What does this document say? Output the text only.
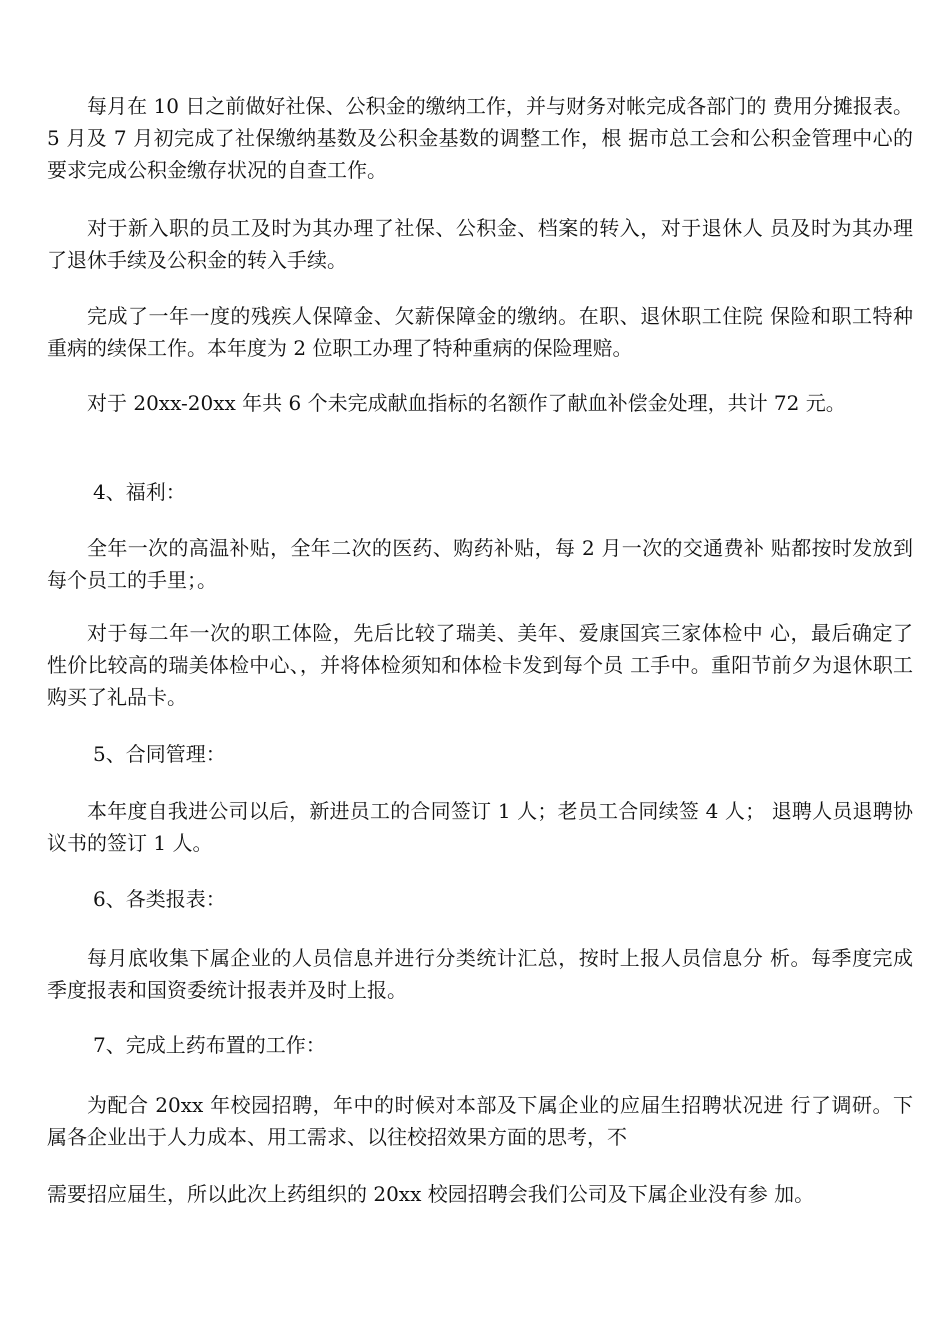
每月在 10 日之前做好社保、公积金的缴纳工作，并与财务对帐完成各部门的 费用分摊报表。5 月及 7 月初完成了社保缴纳基数及公积金基数的调整工作，根 据市总工会和公积金管理中心的要求完成公积金缴存状况的自查工作。

对于新入职的员工及时为其办理了社保、公积金、档案的转入，对于退休人 员及时为其办理了退休手续及公积金的转入手续。

完成了一年一度的残疾人保障金、欠薪保障金的缴纳。在职、退休职工住院 保险和职工特种重病的续保工作。本年度为 2 位职工办理了特种重病的保险理赔。

对于 20xx-20xx 年共 6 个未完成献血指标的名额作了献血补偿金处理，共计 72 元。

4、福利：

全年一次的高温补贴，全年二次的医药、购药补贴，每 2 月一次的交通费补 贴都按时发放到每个员工的手里；。

对于每二年一次的职工体险，先后比较了瑞美、美年、爱康国宾三家体检中 心，最后确定了性价比较高的瑞美体检中心、，并将体检须知和体检卡发到每个员 工手中。重阳节前夕为退休职工购买了礼品卡。

5、合同管理：

本年度自我进公司以后，新进员工的合同签订 1 人；老员工合同续签 4 人； 退聘人员退聘协议书的签订 1 人。

6、各类报表：

每月底收集下属企业的人员信息并进行分类统计汇总，按时上报人员信息分 析。每季度完成季度报表和国资委统计报表并及时上报。

7、完成上药布置的工作：

为配合 20xx 年校园招聘，年中的时候对本部及下属企业的应届生招聘状况进 行了调研。下属各企业出于人力成本、用工需求、以往校招效果方面的思考，不

需要招应届生，所以此次上药组织的 20xx 校园招聘会我们公司及下属企业没有参 加。
